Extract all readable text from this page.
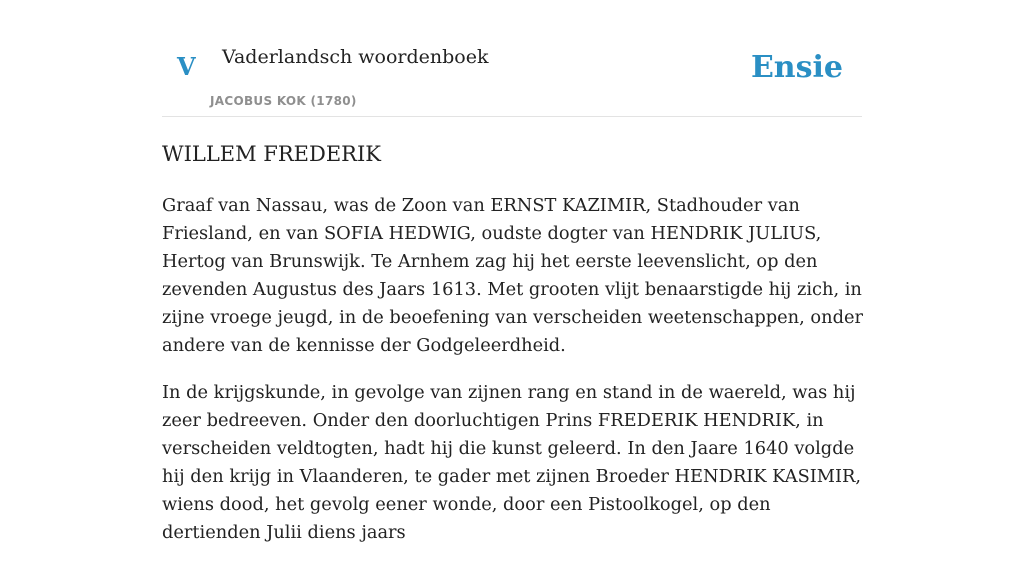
V Vaderlandsch woordenboek
JACOBUS KOK (1780)
Ensie
WILLEM FREDERIK

Graaf van Nassau, was de Zoon van ERNST KAZIMIR, Stadhouder van Friesland, en van SOFIA HEDWIG, oudste dogter van HENDRIK JULIUS, Hertog van Brunswijk. Te Arnhem zag hij het eerste leevenslicht, op den zevenden Augustus des Jaars 1613. Met grooten vlijt benaarstigde hij zich, in zijne vroege jeugd, in de beoefening van verscheiden weetenschappen, onder andere van de kennisse der Godgeleerdheid.

In de krijgskunde, in gevolge van zijnen rang en stand in de waereld, was hij zeer bedreeven. Onder den doorluchtigen Prins FREDERIK HENDRIK, in verscheiden veldtogten, hadt hij die kunst geleerd. In den Jaare 1640 volgde hij den krijg in Vlaanderen, te gader met zijnen Broeder HENDRIK KASIMIR, wiens dood, het gevolg eener wonde, door een Pistoolkogel, op den dertienden Julii diens jaars
